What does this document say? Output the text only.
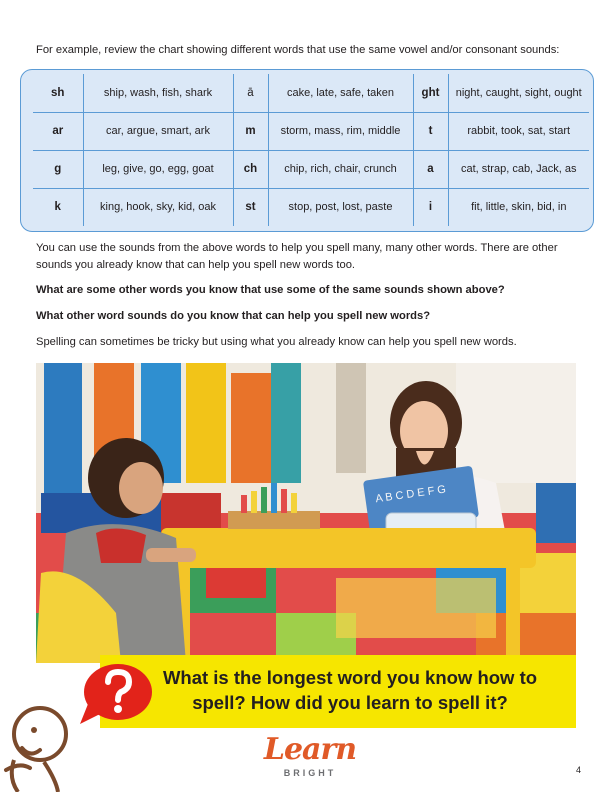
For example, review the chart showing different words that use the same vowel and/or consonant sounds:
sh	ship, wash, fish, shark	ā	cake, late, safe, taken	ght	night, caught, sight, ought
ar	car, argue, smart, ark	m	storm, mass, rim, middle	t	rabbit, took, sat, start
g	leg, give, go, egg, goat	ch	chip, rich, chair, crunch	a	cat, strap, cab, Jack, as
k	king, hook, sky, kid, oak	st	stop, post, lost, paste	i	fit, little, skin, bid, in
You can use the sounds from the above words to help you spell many, many other words. There are other sounds you already know that can help you spell new words too.
What are some other words you know that use some of the same sounds shown above?
What other word sounds do you know that can help you spell new words?
Spelling can sometimes be tricky but using what you already know can help you spell new words.
A B C D E F G
What is the longest word you know how to spell? How did you learn to spell it?
Learn
BRIGHT	4
